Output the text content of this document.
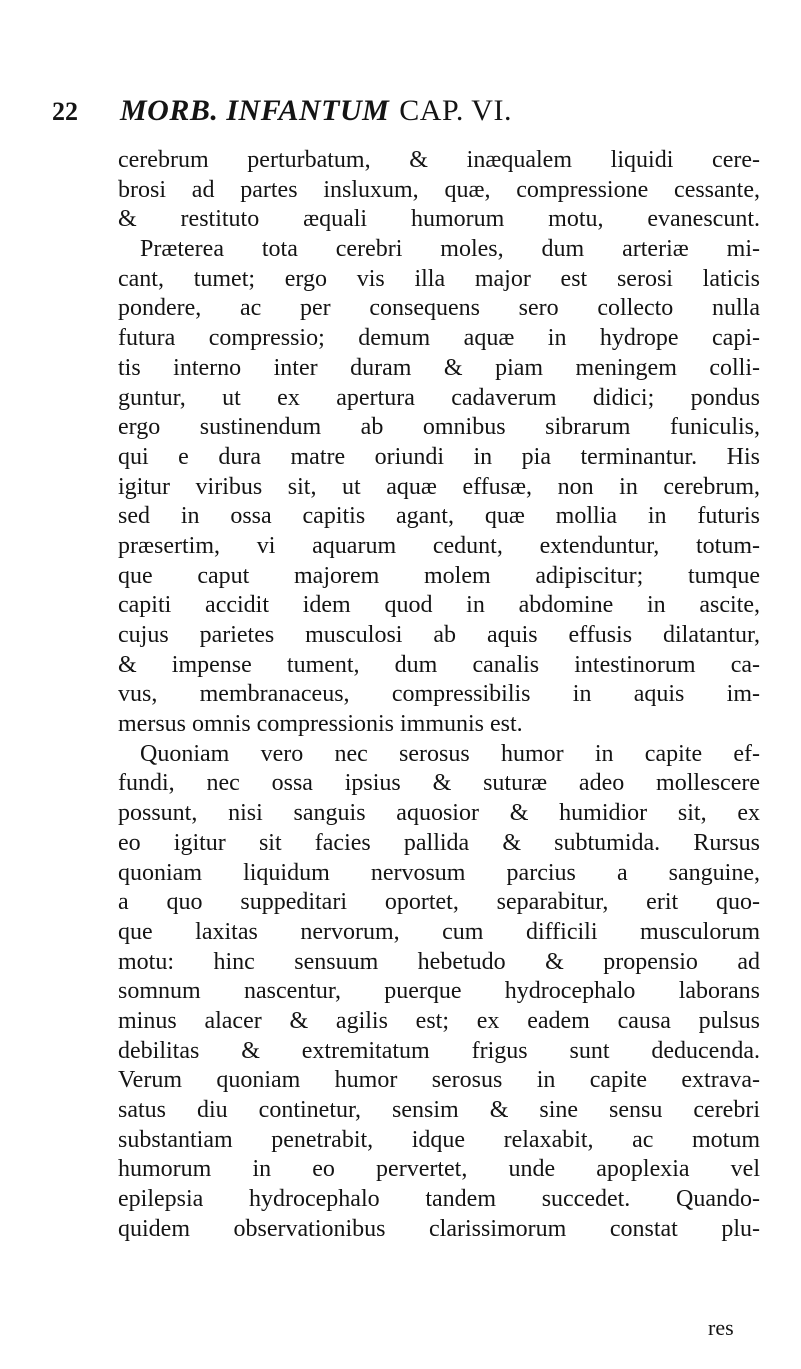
22	MORB. INFANTUM CAP. VI.
cerebrum perturbatum, & inæqualem liquidi cere-
brosi ad partes insluxum, quæ, compressione cessante,
& restituto æquali humorum motu, evanescunt.
Præterea tota cerebri moles, dum arteriæ mi-
cant, tumet; ergo vis illa major est serosi laticis
pondere, ac per consequens sero collecto nulla
futura compressio; demum aquæ in hydrope capi-
tis interno inter duram & piam meningem colli-
guntur, ut ex apertura cadaverum didici; pondus
ergo sustinendum ab omnibus sibrarum funiculis,
qui e dura matre oriundi in pia terminantur. His
igitur viribus sit, ut aquæ effusæ, non in cerebrum,
sed in ossa capitis agant, quæ mollia in futuris
præsertim, vi aquarum cedunt, extenduntur, totum-
que caput majorem molem adipiscitur; tumque
capiti accidit idem quod in abdomine in ascite,
cujus parietes musculosi ab aquis effusis dilatantur,
& impense tument, dum canalis intestinorum ca-
vus, membranaceus, compressibilis in aquis im-
mersus omnis compressionis immunis est.
Quoniam vero nec serosus humor in capite ef-
fundi, nec ossa ipsius & suturæ adeo mollescere
possunt, nisi sanguis aquosior & humidior sit, ex
eo igitur sit facies pallida & subtumida. Rursus
quoniam liquidum nervosum parcius a sanguine,
a quo suppeditari oportet, separabitur, erit quo-
que laxitas nervorum, cum difficili musculorum
motu: hinc sensuum hebetudo & propensio ad
somnum nascentur, puerque hydrocephalo laborans
minus alacer & agilis est; ex eadem causa pulsus
debilitas & extremitatum frigus sunt deducenda.
Verum quoniam humor serosus in capite extrava-
satus diu continetur, sensim & sine sensu cerebri
substantiam penetrabit, idque relaxabit, ac motum
humorum in eo pervertet, unde apoplexia vel
epilepsia hydrocephalo tandem succedet. Quando-
quidem observationibus clarissimorum constat plu-
res
